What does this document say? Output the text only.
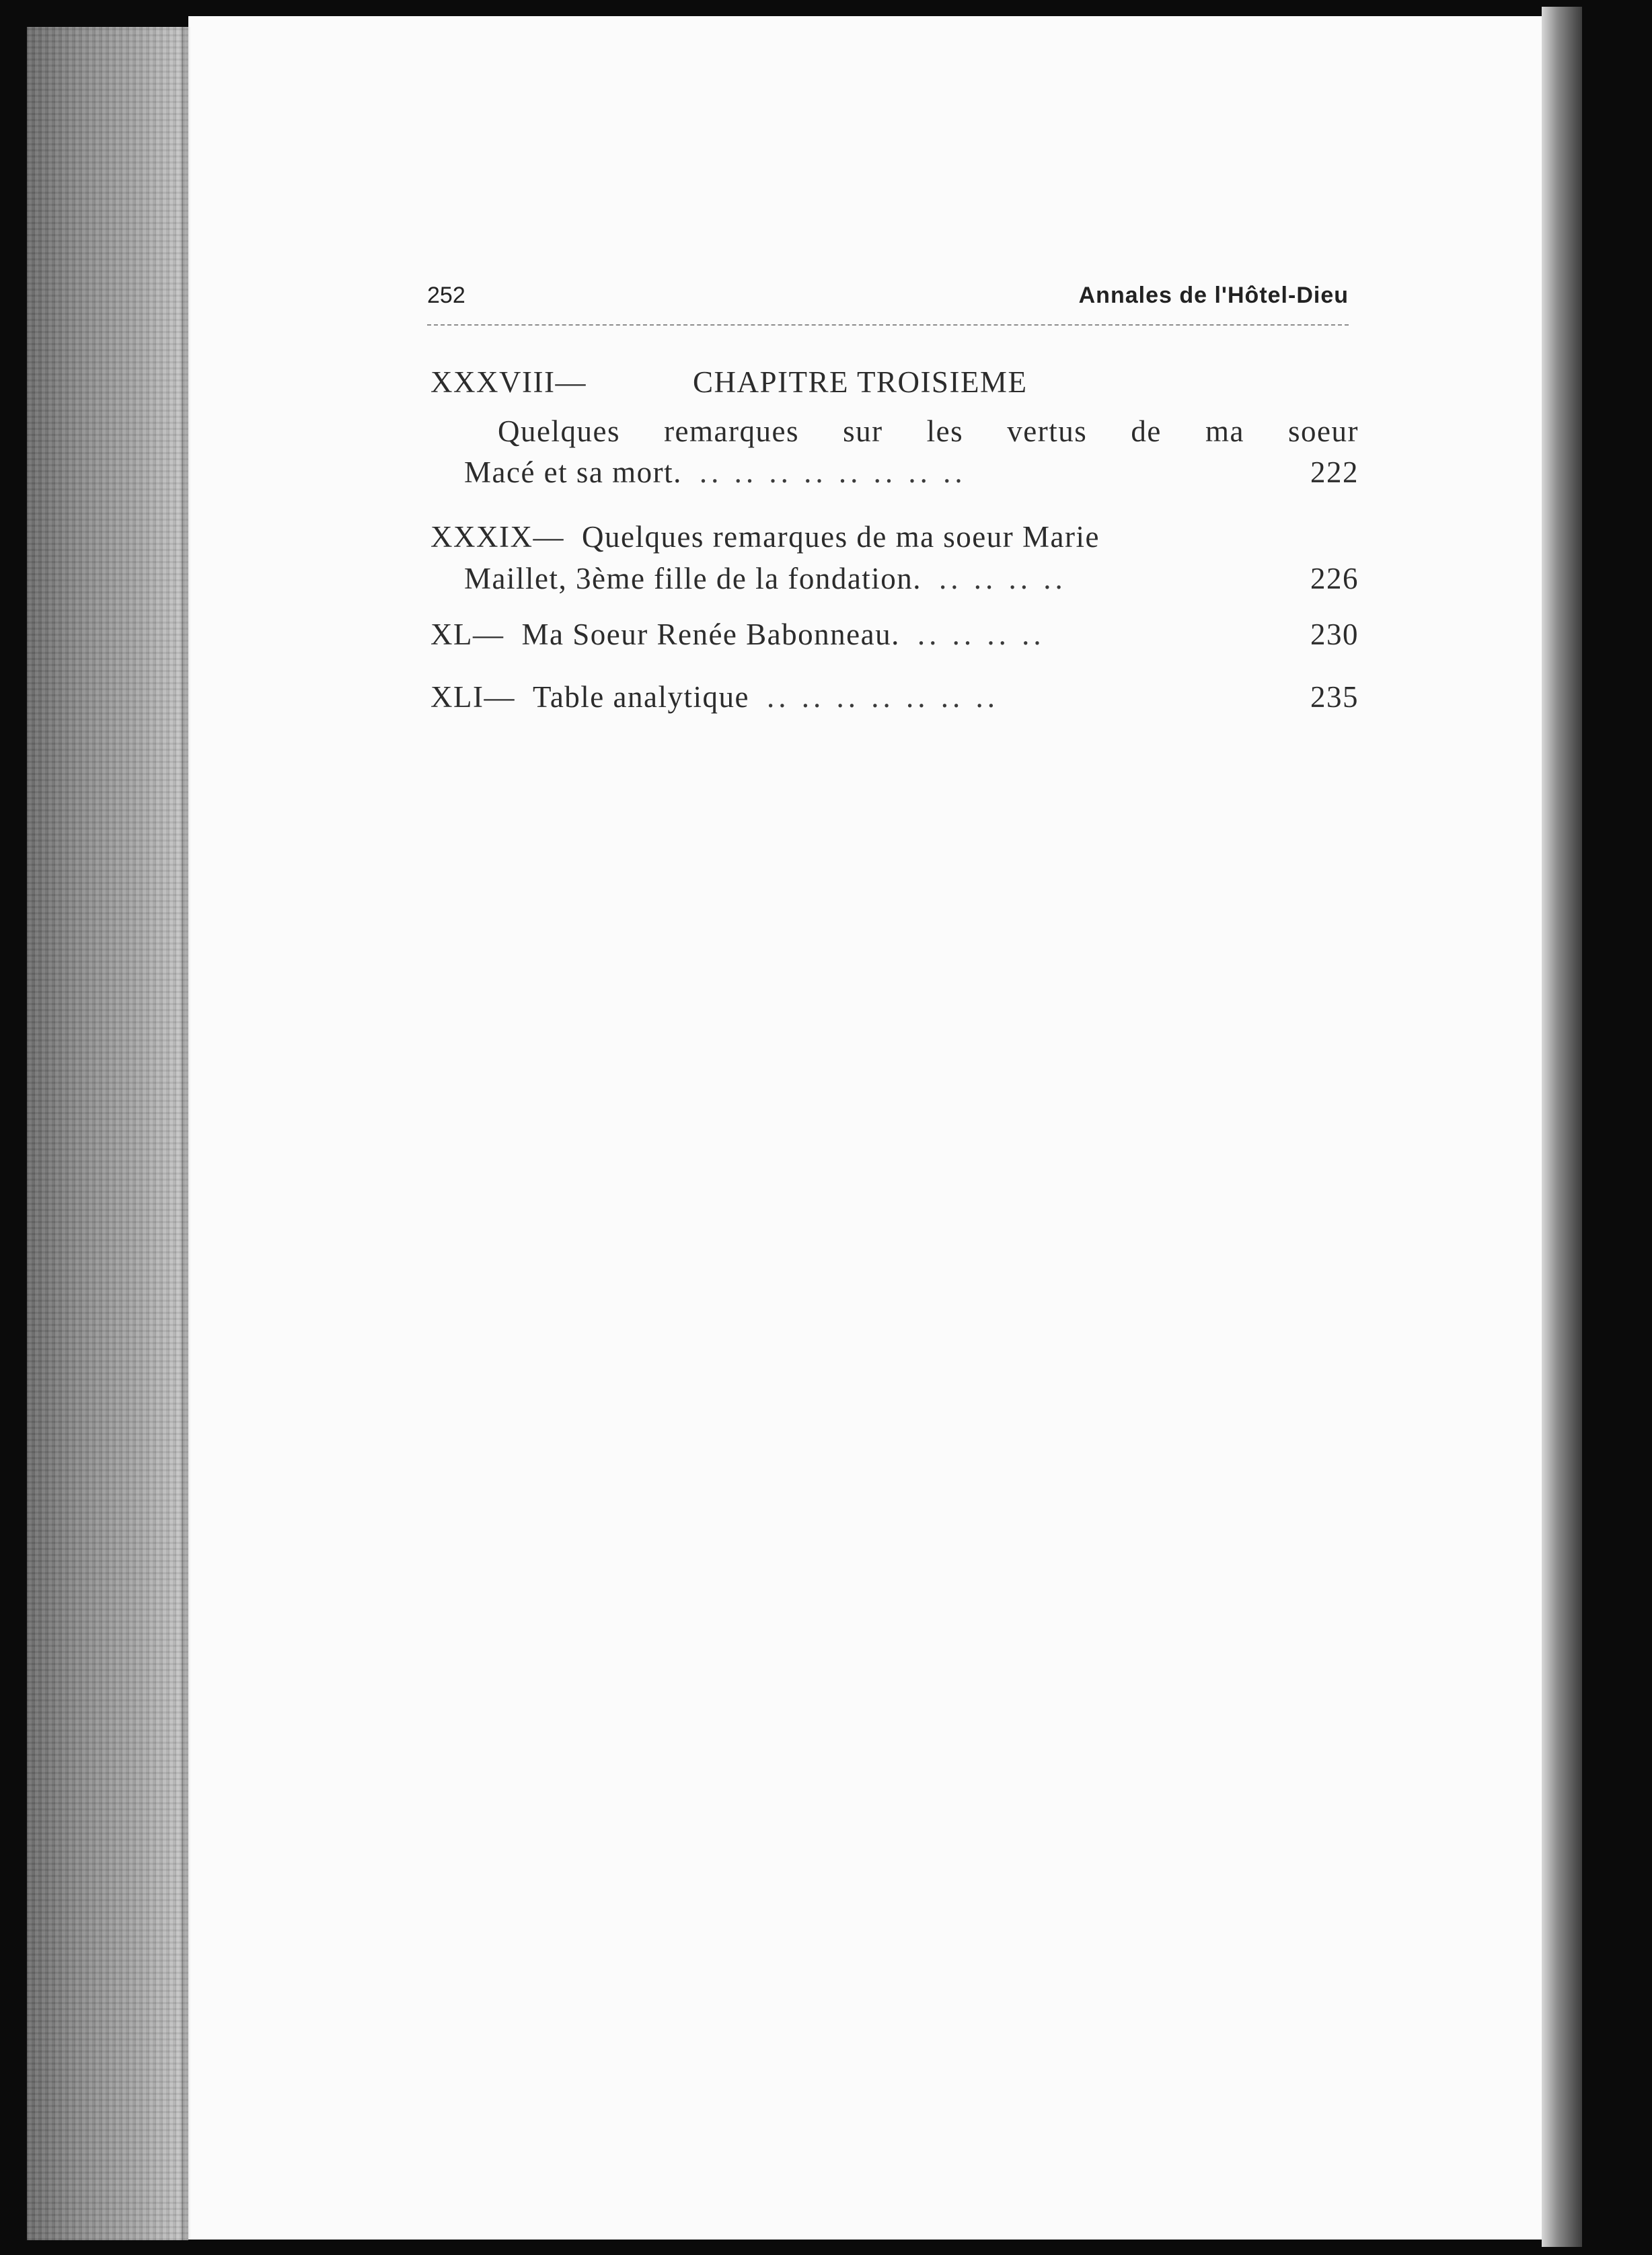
252	Annales de l'Hôtel-Dieu
XXXVIII—	CHAPITRE TROISIEME
Quelques remarques sur les vertus de ma soeur
Macé et sa mort. .. .. .. .. .. .. .. ..	222
XXXIX— Quelques remarques de ma soeur Marie
Maillet, 3ème fille de la fondation. .. .. .. ..	226
XL— Ma Soeur Renée Babonneau. .. .. .. ..	230
XLI— Table analytique .. .. .. .. .. .. ..	235
